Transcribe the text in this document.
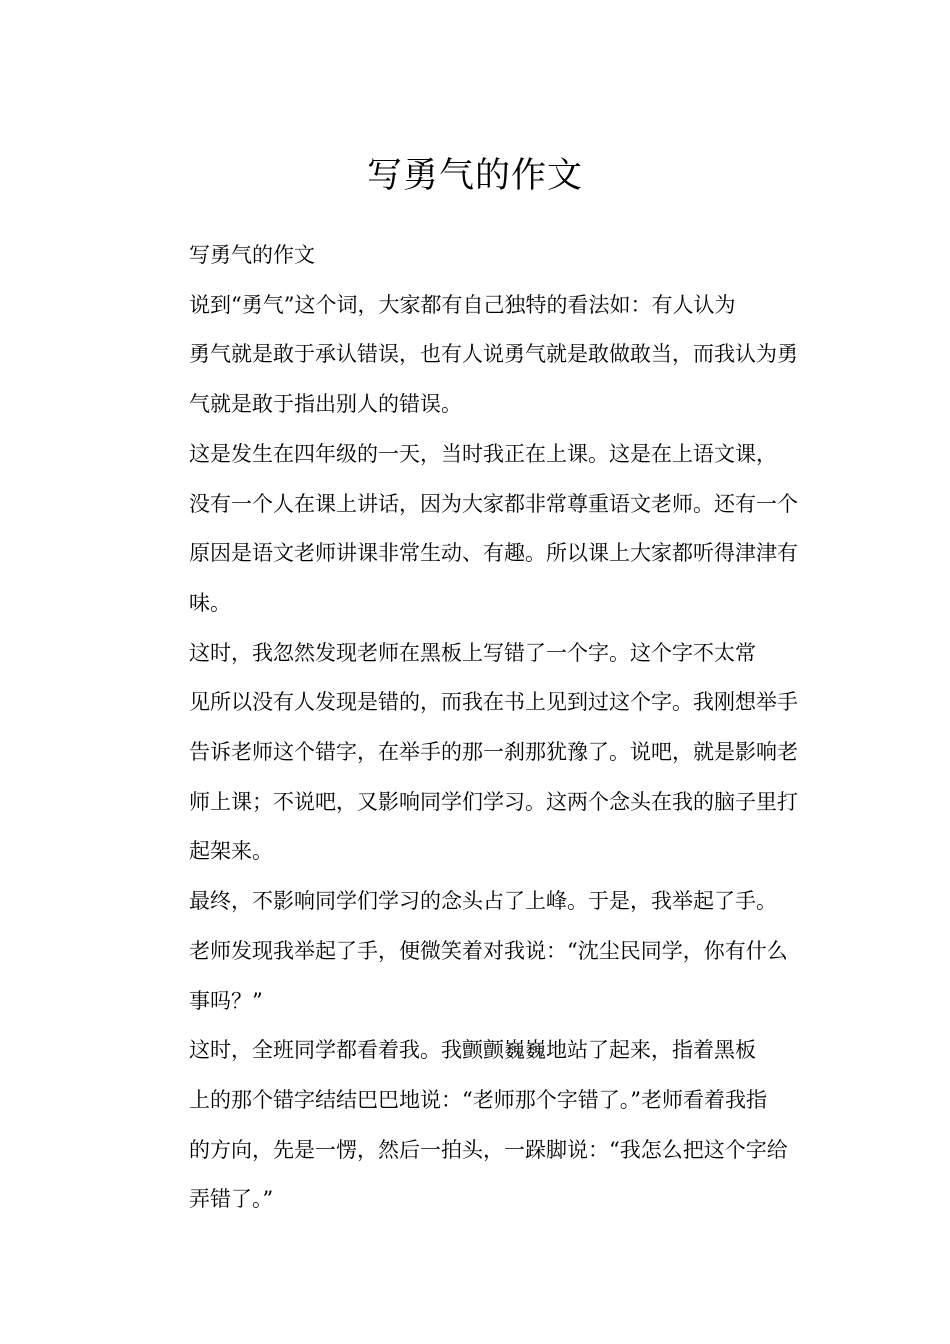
写勇气的作文

写勇气的作文

说到“勇气”这个词，大家都有自己独特的看法如：有人认为
勇气就是敢于承认错误，也有人说勇气就是敢做敢当，而我认为勇
气就是敢于指出别人的错误。

这是发生在四年级的一天，当时我正在上课。这是在上语文课，
没有一个人在课上讲话，因为大家都非常尊重语文老师。还有一个
原因是语文老师讲课非常生动、有趣。所以课上大家都听得津津有
味。

这时，我忽然发现老师在黑板上写错了一个字。这个字不太常
见所以没有人发现是错的，而我在书上见到过这个字。我刚想举手
告诉老师这个错字，在举手的那一刹那犹豫了。说吧，就是影响老
师上课；不说吧，又影响同学们学习。这两个念头在我的脑子里打
起架来。

最终，不影响同学们学习的念头占了上峰。于是，我举起了手。
老师发现我举起了手，便微笑着对我说：“沈尘民同学，你有什么
事吗？”

这时，全班同学都看着我。我颤颤巍巍地站了起来，指着黑板
上的那个错字结结巴巴地说：“老师那个字错了。”老师看着我指
的方向，先是一愣，然后一拍头，一跺脚说：“我怎么把这个字给
弄错了。”
